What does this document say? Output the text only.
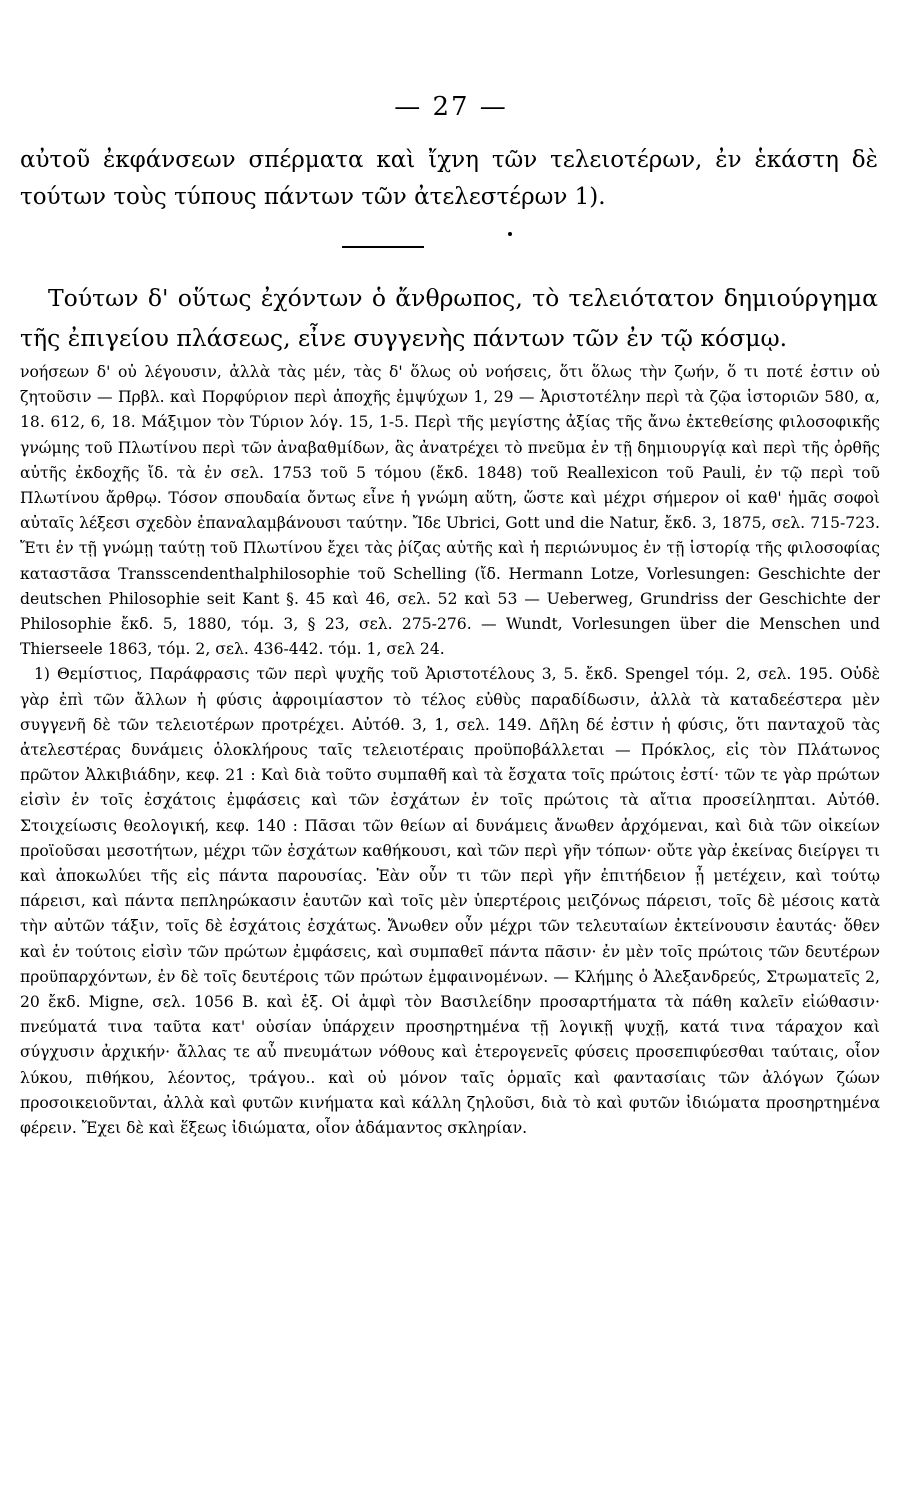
— 27 —
αὐτοῦ ἐκφάνσεων σπέρματα καὶ ἴχνη τῶν τελειοτέρων, ἐν ἑκάστη δὲ τούτων τοὺς τύπους πάντων τῶν ἀτελεστέρων 1).
Τούτων δ' οὕτως ἐχόντων ὁ ἄνθρωπος, τὸ τελειότατον δημιούργημα τῆς ἐπιγείου πλάσεως, εἶνε συγγενὴς πάντων τῶν ἐν τῷ κόσμῳ.

νοήσεων δ' οὐ λέγουσιν, ἀλλὰ τὰς μέν, τὰς δ' ὅλως οὐ νοήσεις, ὅτι ὅλως τὴν ζωήν, ὅ τι ποτέ ἐστιν οὐ ζητοῦσιν — Πρβλ. καὶ Πορφύριον περὶ ἀποχῆς ἐμψύχων 1, 29 — Ἀριστοτέλην περὶ τὰ ζῷα ἱστοριῶν 580, α, 18. 612, 6, 18. Μάξιμον τὸν Τύριον λόγ. 15, 1-5. Περὶ τῆς μεγίστης ἀξίας τῆς ἄνω ἐκτεθείσης φιλοσοφικῆς γνώμης τοῦ Πλωτίνου περὶ τῶν ἀναβαθμίδων, ἃς ἀνατρέχει τὸ πνεῦμα ἐν τῇ δημιουργίᾳ καὶ περὶ τῆς ὀρθῆς αὐτῆς ἐκδοχῆς ἴδ. τὰ ἐν σελ. 1753 τοῦ 5 τόμου (ἔκδ. 1848) τοῦ Reallexicon τοῦ Pauli, ἐν τῷ περὶ τοῦ Πλωτίνου ἄρθρῳ. Τόσον σπουδαία ὄντως εἶνε ἡ γνώμη αὕτη, ὥστε καὶ μέχρι σήμερον οἱ καθ' ἡμᾶς σοφοὶ αὐταῖς λέξεσι σχεδὸν ἐπαναλαμβάνουσι ταύτην. Ἴδε Ubrici, Gott und die Natur, ἔκδ. 3, 1875, σελ. 715-723. Ἔτι ἐν τῇ γνώμῃ ταύτῃ τοῦ Πλωτίνου ἔχει τὰς ῥίζας αὐτῆς καὶ ἡ περιώνυμος ἐν τῇ ἱστορίᾳ τῆς φιλοσοφίας καταστᾶσα Transscendenthalphilosophie τοῦ Schelling (ἴδ. Hermann Lotze, Vorlesungen: Geschichte der deutschen Philosophie seit Kant §. 45 καὶ 46, σελ. 52 καὶ 53 — Ueberweg, Grundriss der Geschichte der Philosophie ἔκδ. 5, 1880, τόμ. 3, § 23, σελ. 275-276. — Wundt, Vorlesungen über die Menschen und Thierseele 1863, τόμ. 2, σελ. 436-442. τόμ. 1, σελ 24.

1) Θεμίστιος, Παράφρασις τῶν περὶ ψυχῆς τοῦ Ἀριστοτέλους 3, 5. ἔκδ. Spengel τόμ. 2, σελ. 195. Οὐδὲ γὰρ ἐπὶ τῶν ἄλλων ἡ φύσις ἀφροιμίαστον τὸ τέλος εὐθὺς παραδίδωσιν, ἀλλὰ τὰ καταδεέστερα μὲν συγγενῆ δὲ τῶν τελειοτέρων προτρέχει. Αὐτόθ. 3, 1, σελ. 149. Δῆλη δέ ἐστιν ἡ φύσις, ὅτι πανταχοῦ τὰς ἀτελεστέρας δυνάμεις ὁλοκλήρους ταῖς τελειοτέραις προϋποβάλλεται — Πρόκλος, εἰς τὸν Πλάτωνος πρῶτον Ἀλκιβιάδην, κεφ. 21 : Καὶ διὰ τοῦτο συμπαθῆ καὶ τὰ ἔσχατα τοῖς πρώτοις ἐστί· τῶν τε γὰρ πρώτων εἰσὶν ἐν τοῖς ἐσχάτοις ἐμφάσεις καὶ τῶν ἐσχάτων ἐν τοῖς πρώτοις τὰ αἴτια προσείληπται. Αὐτόθ. Στοιχείωσις θεολογική, κεφ. 140 : Πᾶσαι τῶν θείων αἱ δυνάμεις ἄνωθεν ἀρχόμεναι, καὶ διὰ τῶν οἰκείων προϊοῦσαι μεσοτήτων, μέχρι τῶν ἐσχάτων καθήκουσι, καὶ τῶν περὶ γῆν τόπων· οὔτε γὰρ ἐκείνας διείργει τι καὶ ἀποκωλύει τῆς εἰς πάντα παρουσίας. Ἐὰν οὖν τι τῶν περὶ γῆν ἐπιτήδειον ᾖ μετέχειν, καὶ τούτῳ πάρεισι, καὶ πάντα πεπληρώκασιν ἑαυτῶν καὶ τοῖς μὲν ὑπερτέροις μειζόνως πάρεισι, τοῖς δὲ μέσοις κατὰ τὴν αὐτῶν τάξιν, τοῖς δὲ ἐσχάτοις ἐσχάτως. Ἄνωθεν οὖν μέχρι τῶν τελευταίων ἐκτείνουσιν ἑαυτάς· ὅθεν καὶ ἐν τούτοις εἰσὶν τῶν πρώτων ἐμφάσεις, καὶ συμπαθεῖ πάντα πᾶσιν· ἐν μὲν τοῖς πρώτοις τῶν δευτέρων προϋπαρχόντων, ἐν δὲ τοῖς δευτέροις τῶν πρώτων ἐμφαινομένων. — Κλήμης ὁ Ἀλεξανδρεύς, Στρωματεῖς 2, 20 ἔκδ. Migne, σελ. 1056 Β. καὶ ἑξ. Οἱ ἀμφὶ τὸν Βασιλείδην προσαρτήματα τὰ πάθη καλεῖν εἰώθασιν· πνεύματά τινα ταῦτα κατ' οὐσίαν ὑπάρχειν προσηρτημένα τῇ λογικῇ ψυχῇ, κατά τινα τάραχον καὶ σύγχυσιν ἀρχικήν· ἄλλας τε αὖ πνευμάτων νόθους καὶ ἑτερογενεῖς φύσεις προσεπιφύεσθαι ταύταις, οἷον λύκου, πιθήκου, λέοντος, τράγου.. καὶ οὐ μόνον ταῖς ὁρμαῖς καὶ φαντασίαις τῶν ἀλόγων ζώων προσοικειοῦνται, ἀλλὰ καὶ φυτῶν κινήματα καὶ κάλλη ζηλοῦσι, διὰ τὸ καὶ φυτῶν ἰδιώματα προσηρτημένα φέρειν. Ἔχει δὲ καὶ ἕξεως ἰδιώματα, οἷον ἀδάμαντος σκληρίαν.
